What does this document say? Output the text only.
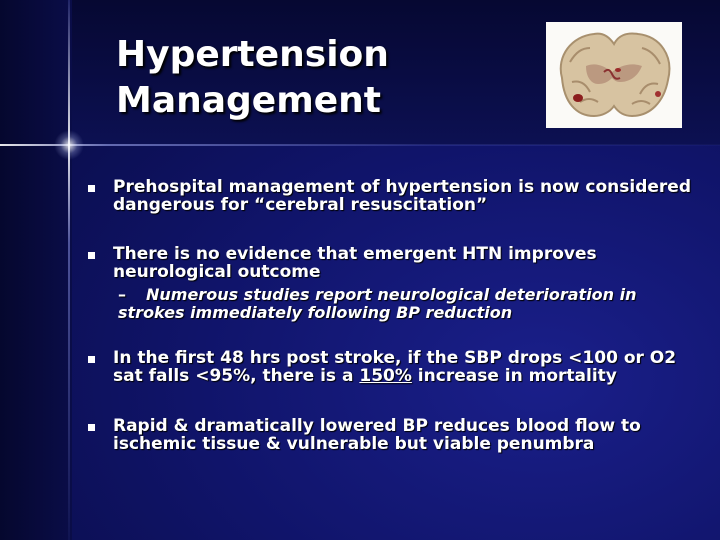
Hypertension
Management
Prehospital management of hypertension is now considered dangerous for “cerebral resuscitation”
There is no evidence that emergent HTN improves neurological outcome
– Numerous studies report neurological deterioration in strokes immediately following BP reduction
In the first 48 hrs post stroke, if the SBP drops <100 or O2 sat falls <95%, there is a 150% increase in mortality
Rapid & dramatically lowered BP reduces blood flow to ischemic tissue & vulnerable but viable penumbra
